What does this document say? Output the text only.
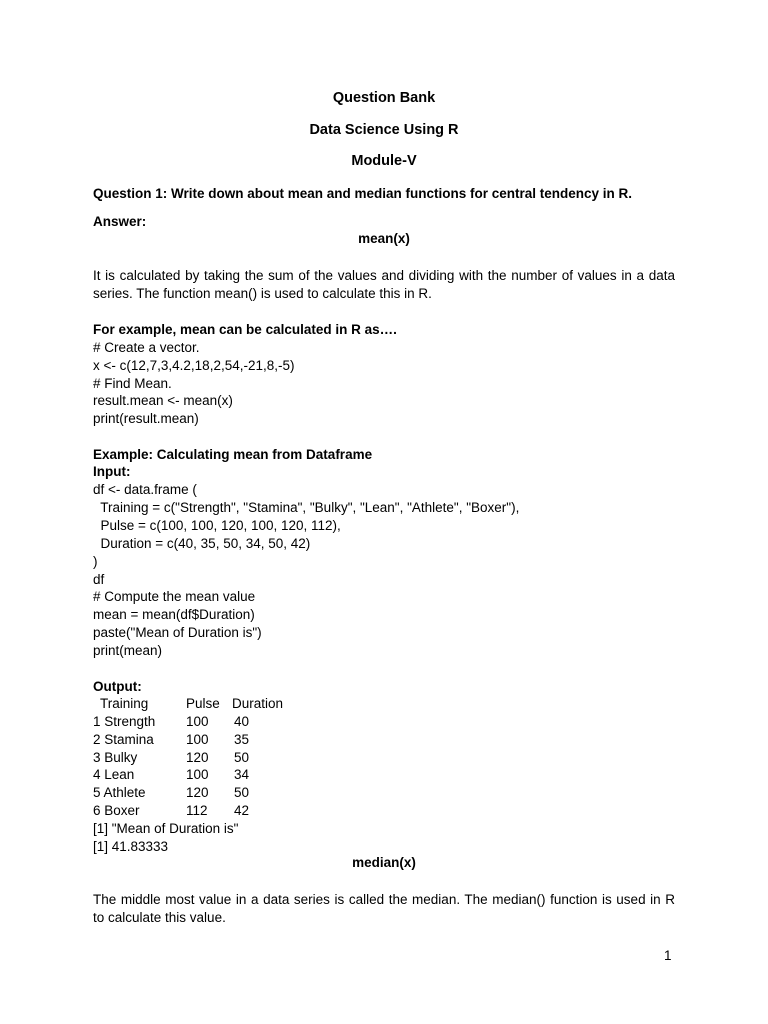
Question Bank
Data Science Using R
Module-V
Question 1: Write down about mean and median functions for central tendency in R.
Answer:
mean(x)
It is calculated by taking the sum of the values and dividing with the number of values in a data series. The function mean() is used to calculate this in R.
For example, mean can be calculated in R as….
# Create a vector.
x <- c(12,7,3,4.2,18,2,54,-21,8,-5)
# Find Mean.
result.mean <- mean(x)
print(result.mean)
Example: Calculating mean from Dataframe
Input:
df <- data.frame (
Training = c("Strength", "Stamina", "Bulky", "Lean", "Athlete", "Boxer"),
Pulse = c(100, 100, 120, 100, 120, 112),
Duration = c(40, 35, 50, 34, 50, 42)
)
df
# Compute the mean value
mean = mean(df$Duration)
paste("Mean of Duration is")
print(mean)
Output:
Training	Pulse Duration
1 Strength 100 40
2 Stamina 100 35
3 Bulky	120 50
4 Lean	100 34
5 Athlete	120 50
6 Boxer	112 42
[1] "Mean of Duration is"
[1] 41.83333
median(x)
The middle most value in a data series is called the median. The median() function is used in R to calculate this value.
1
